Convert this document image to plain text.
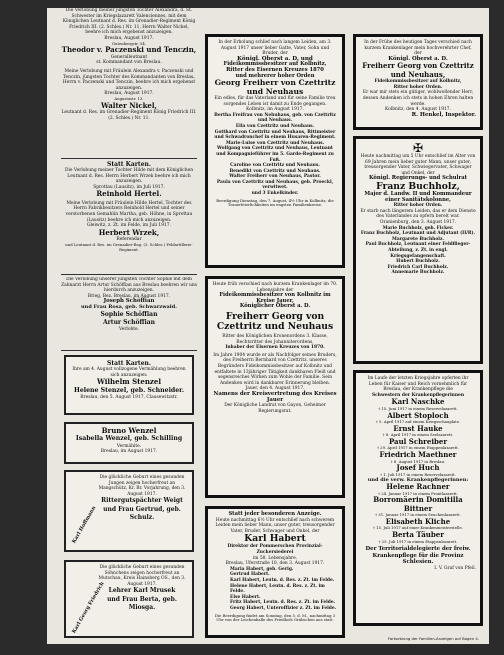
Die Verlobung meiner jüngsten Tochter Alexandra, d. St. Schwester im Kriegslazarett Valenciennes, mit dem Königlichen Leutnant d. Res. im Grenadier-Regiment König Friedrich III. (2. Schles.) Nr. 11, Herrn Walter Nickel, beehre ich mich ergebenst anzuzeigen.

Breslau, August 1917.

Gutenbergstr. 54.

Theodor v. Paczenski und Tenczin,

Generalleutnant

st. Kommandant von Breslau.

Meine Verlobung mit Fräulein Alexandra v. Paczenski und Tenczin, jüngsten Tochter des Kommandanten von Breslau, Herrn v. Paczenski und Tenczin, beehre ich mich ergebenst anzuzeigen.

Breslau, August 1917.

Augustastr. 13.

Walter Nickel,

Leutnant d. Res. im Grenadier-Regiment König Friedrich III. (2. Schles.) Nr. 11.

Statt Karten.

Die Verlobung meiner Tochter Hilde mit dem Königlichen Leutnant d. Res. Herrn Herbert Wrzek beehre ich mich anzuzeigen.

Sprottau (Lausitz), im Juli 1917.

Reinhold Hertel.

Meine Verlobung mit Fräulein Hilde Hertel, Tochter des Herrn Fabrikbesitzers Reinhold Hertel und seiner verstorbenen Gemahlin Martha, geb. Höhne, in Sprottau (Lausitz) beehre ich mich anzuzeigen.

Gleiwitz, z. Zt. im Felde, im Juli 1917.

Herbert Wrzek,

Referendar

und Leutnant d. Res. im Grenadier-Reg. (3. Schles.) Feldartillerie-Regiment.

Die Verlobung unserer jüngsten Tochter Sophie mit dem Zahnarzt Herrn Artur Schöffian aus Breslau beehren wir uns hierdurch anzuzeigen.

Brieg, Bez. Breslau, im August 1917.

Joseph Schöffian

und Frau Rosa, geb. Schwarzwald.

Sophie Schöffian

Artur Schöffian

Verlobte.

Statt Karten.

Ihre am 4. August vollzogene Vermählung beehren sich anzuzeigen:

Wilhelm Stenzel

Helene Stenzel, geb. Schneider.

Breslau, den 5. August 1917, Clausewitzstr.

Bruno Wenzel

Isabella Wenzel, geb. Schilling

Vermählte.

Breslau, im August 1917.

Karl Hoffmann

Die glückliche Geburt eines gesunden Jungen zeigen hocherfreut an

Mangschütz, Kr. Br. Vorjahrung, den 3. August 1917.

Rittergutspächter Weigt

und Frau Gertrud, geb. Schulz.

Karl Georg Friedrich

Die glückliche Geburt eines gesunden Söhnchens zeigen hocherfreut an

Mutschau, Kreis Hainsberg OS., den 3. August 1917.

Lehrer Karl Mrusek

und Frau Berta, geb. Miosga.

In der Erholung schlief nach langem Leiden, am 3. August 1917 unser lieber Gatte, Vater, Sohn und Bruder, der

Königl. Oberst a. D. und

Fideikommissbesitzer auf Kolbnitz,

Ritter des Eisernen Kreuzes 1870

und mehrerer hoher Orden

Georg Freiherr von Czettritz und Neuhaus

Ein edles, für das Vaterland und für seine Familie treu sorgendes Leben ist damit zu Ende gegangen.

Kolbnitz, im August 1917.

Bertha Freifrau von Nehuhaus, geb. von Czettritz und Neuhaus.

Ella von Czettritz und Neuhaus.

Gotthard von Czettritz und Neuhaus, Rittmeister und Schwadronchef in einem Husaren-Regiment.

Marie-Luise von Czettritz und Neuhaus.

Wolfgang von Czettritz und Neuhaus, Leutnant und Kompagnieführer im 5. Garde-Regiment zu Fuß.

Caroline von Czettritz und Neuhaus.

Benedikt von Czettritz und Neuhaus.

Walter Freiherr von Neuhaus, Pastor.

Paula von Czettritz und Neuhaus, geb. Proeckl, verwitwet.

und 3 Enkelkinder.

Beerdigung Dienstag, den 7. August, 4½ Uhr in Kolbnitz; die Trauerfeierlichkeiten im engsten Familienkreise.

Heute früh verschied nach kurzem Krankenlager im 70. Lebensjahre der

Fideikommissbesitzer von Kolbnitz im Kreise Jauer,

Königlicher Oberst a. D.

Freiherr Georg von Czettritz und Neuhaus

Ritter des Königlichen Kronenordens 3. Klasse, Rechtsritter des Johanniterordens,

Inhaber der Eisernen Kreuzes von 1870.

Im Jahre 1904 wurde er als Nachfolger seines Bruders, des Freiherrn Bernhard von Czettritz, unseres Begründers Fideikommissbesitzer auf Kolbnitz und entfaltete in 13jähriger Tätigkeit dankbaren Fleiß und segensreiches Wirken zum Wohle der Familie. Sein Andenken wird in dankbarer Erinnerung bleiben.

Jauer, den 4. August 1917.

Namens der Kreisvertretung des Kreises Jauer

Der Königliche Landrat von Gayon, Geheimer Regierungsrat.

Statt jeder besonderen Anzeige.

Heute nachmittag 6½ Uhr entschlief nach schwerem Leiden mein lieber Mann, unser guter, treusorgender Vater, Bruder, Schwager und Onkel, der

Karl Habert

Direktor der Pommerschen Provinzial-Zuckersiederei

im 58. Lebensjahre.

Breslau, Uferstraße 10, den 3. August 1917.

Maria Habert, geb. Gerig.

Gertrud Habert.

Karl Habert, Leutn. d. Res. z. Zt. im Felde.

Helene Habert, Leutn. d. Res. z. Zt. im Felde.

Else Habert.

Fritz Habert, Leutn. d. Res. z. Zt. im Felde.

Georg Habert, Unteroffizier z. Zt. im Felde.

Die Beerdigung findet am Sonntag, den 5. d. M., nachmittag 3 Uhr von der Leichenhalle des Friedhofs Gräbschen aus statt.

In der Frühe des heutigen Tages verschied nach kurzem Krankenlager mein hochverehrter Chef, der

Königl. Oberst a. D.

Freiherr Georg von Czettritz und Neuhaus,

Fideikommissbesitzer auf Kolbnitz,

Ritter hoher Orden.

Er war mir stets ein gütiger, wohlwollender Herr, dessen Andenken ich stets in hohen Ehren halten werde.

Kolbnitz, den 4. August 1917.

R. Henkel, Inspektor.

✠

Heute nachmittag um 5 Uhr entschlief im Alter von 69 Jahren mein lieber guter Mann, unser guter, treusorgender Vater, Schwiegervater, Schwager und Onkel, der

Königl. Regierungs- und Schulrat

Franz Buchholz,

Major d. Landw. II und Kommandeur einer Sanitätskolonne,

Ritter hoher Orden.

Er starb nach längerem Leiden, das er dem Dienste des Vaterlandes zu opfern bereit war.

Oranienburg, den 3. August 1917.

Marie Buchholz, geb. Ficker.

Franz Buchholz, Leutnant und Adjutant (II/R).

Margarete Buchholz.

Paul Buchholz, Leutnant einer Feldflieger-Abteilung, z. Zt. in engl. Kriegsgefangenschaft.

Hubert Buchholz.

Friedrich Carl Buchholz.

Annemarie Buchholz.

Im Laufe der letzten Kriegsjahre opferten ihr Leben für Kaiser und Reich vornehmlich für Breslau, der Krankenpflege die

Schwestern der Krankenpflegerinnen

Karl Naschke

† 15. Juni 1917 in einem Reservelazarett.

Albert Stoploch

† 5. April 1917 auf einem Kriegsschauplatz.

Ernst Hauke

† 8. April 1917 in einem Seelazarett.

Paul Schreiber

† 29. April 1917 in einem Etappenlazarett.

Friedrich Maethner

† 8. August 1917 in Breslau.

Josef Huch

† 1. Juli 1917 in einem Reservelazarett.

und die verw. Krankenpflegerinnen:

Helene Rachner

† 24. Januar 1917 in einem Frontlazarett.

Borromäerin Domitilla Bittner

† 31. Januar 1917 in einem Seuchenlazarett.

Elisabeth Kliche

† 15. Juli 1917 auf einer Krankenmeisterstelle.

Berta Täuber

† 25. Juli 1917 in einem Etappenlazarett.

Der Territorialdelegierte der freiw. Krankenpflege für die Provinz Schlesien.

I. V. Graf von Pfeil.

Fortsetzung der Familien-Anzeigen auf Bogen 4.
